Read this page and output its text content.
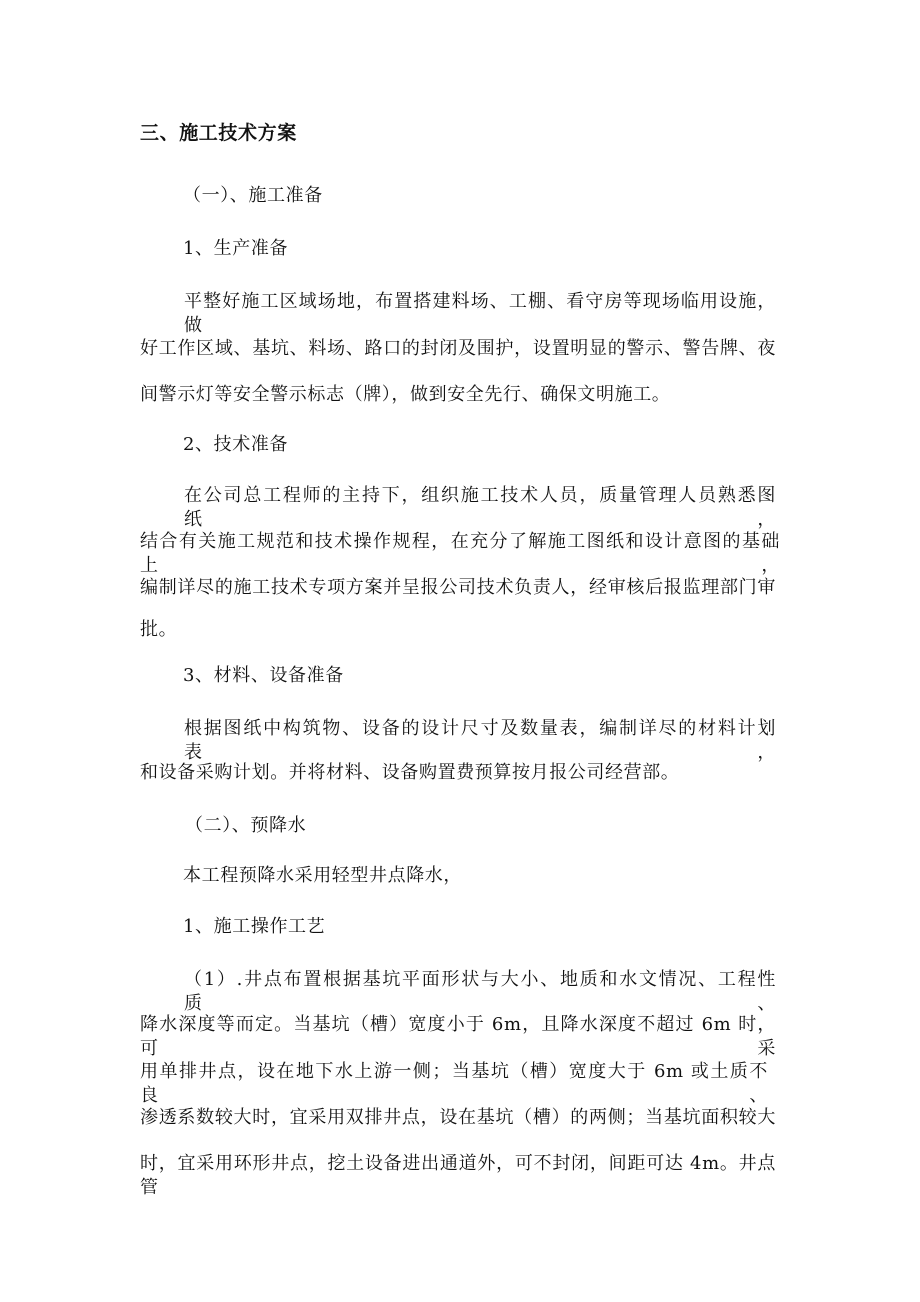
三、施工技术方案
（一）、施工准备
1、生产准备
平整好施工区域场地，布置搭建料场、工棚、看守房等现场临用设施，做
好工作区域、基坑、料场、路口的封闭及围护，设置明显的警示、警告牌、夜
间警示灯等安全警示标志（牌），做到安全先行、确保文明施工。
2、技术准备
在公司总工程师的主持下，组织施工技术人员，质量管理人员熟悉图纸，
结合有关施工规范和技术操作规程，在充分了解施工图纸和设计意图的基础上，
编制详尽的施工技术专项方案并呈报公司技术负责人，经审核后报监理部门审
批。
3、材料、设备准备
根据图纸中构筑物、设备的设计尺寸及数量表，编制详尽的材料计划表，
和设备采购计划。并将材料、设备购置费预算按月报公司经营部。
（二）、预降水
本工程预降水采用轻型井点降水，
1、施工操作工艺
（1）.井点布置根据基坑平面形状与大小、地质和水文情况、工程性质、
降水深度等而定。当基坑（槽）宽度小于 6m，且降水深度不超过 6m 时，可采
用单排井点，设在地下水上游一侧；当基坑（槽）宽度大于 6m 或土质不良、
渗透系数较大时，宜采用双排井点，设在基坑（槽）的两侧；当基坑面积较大
时，宜采用环形井点，挖土设备进出通道外，可不封闭，间距可达 4m。井点管
